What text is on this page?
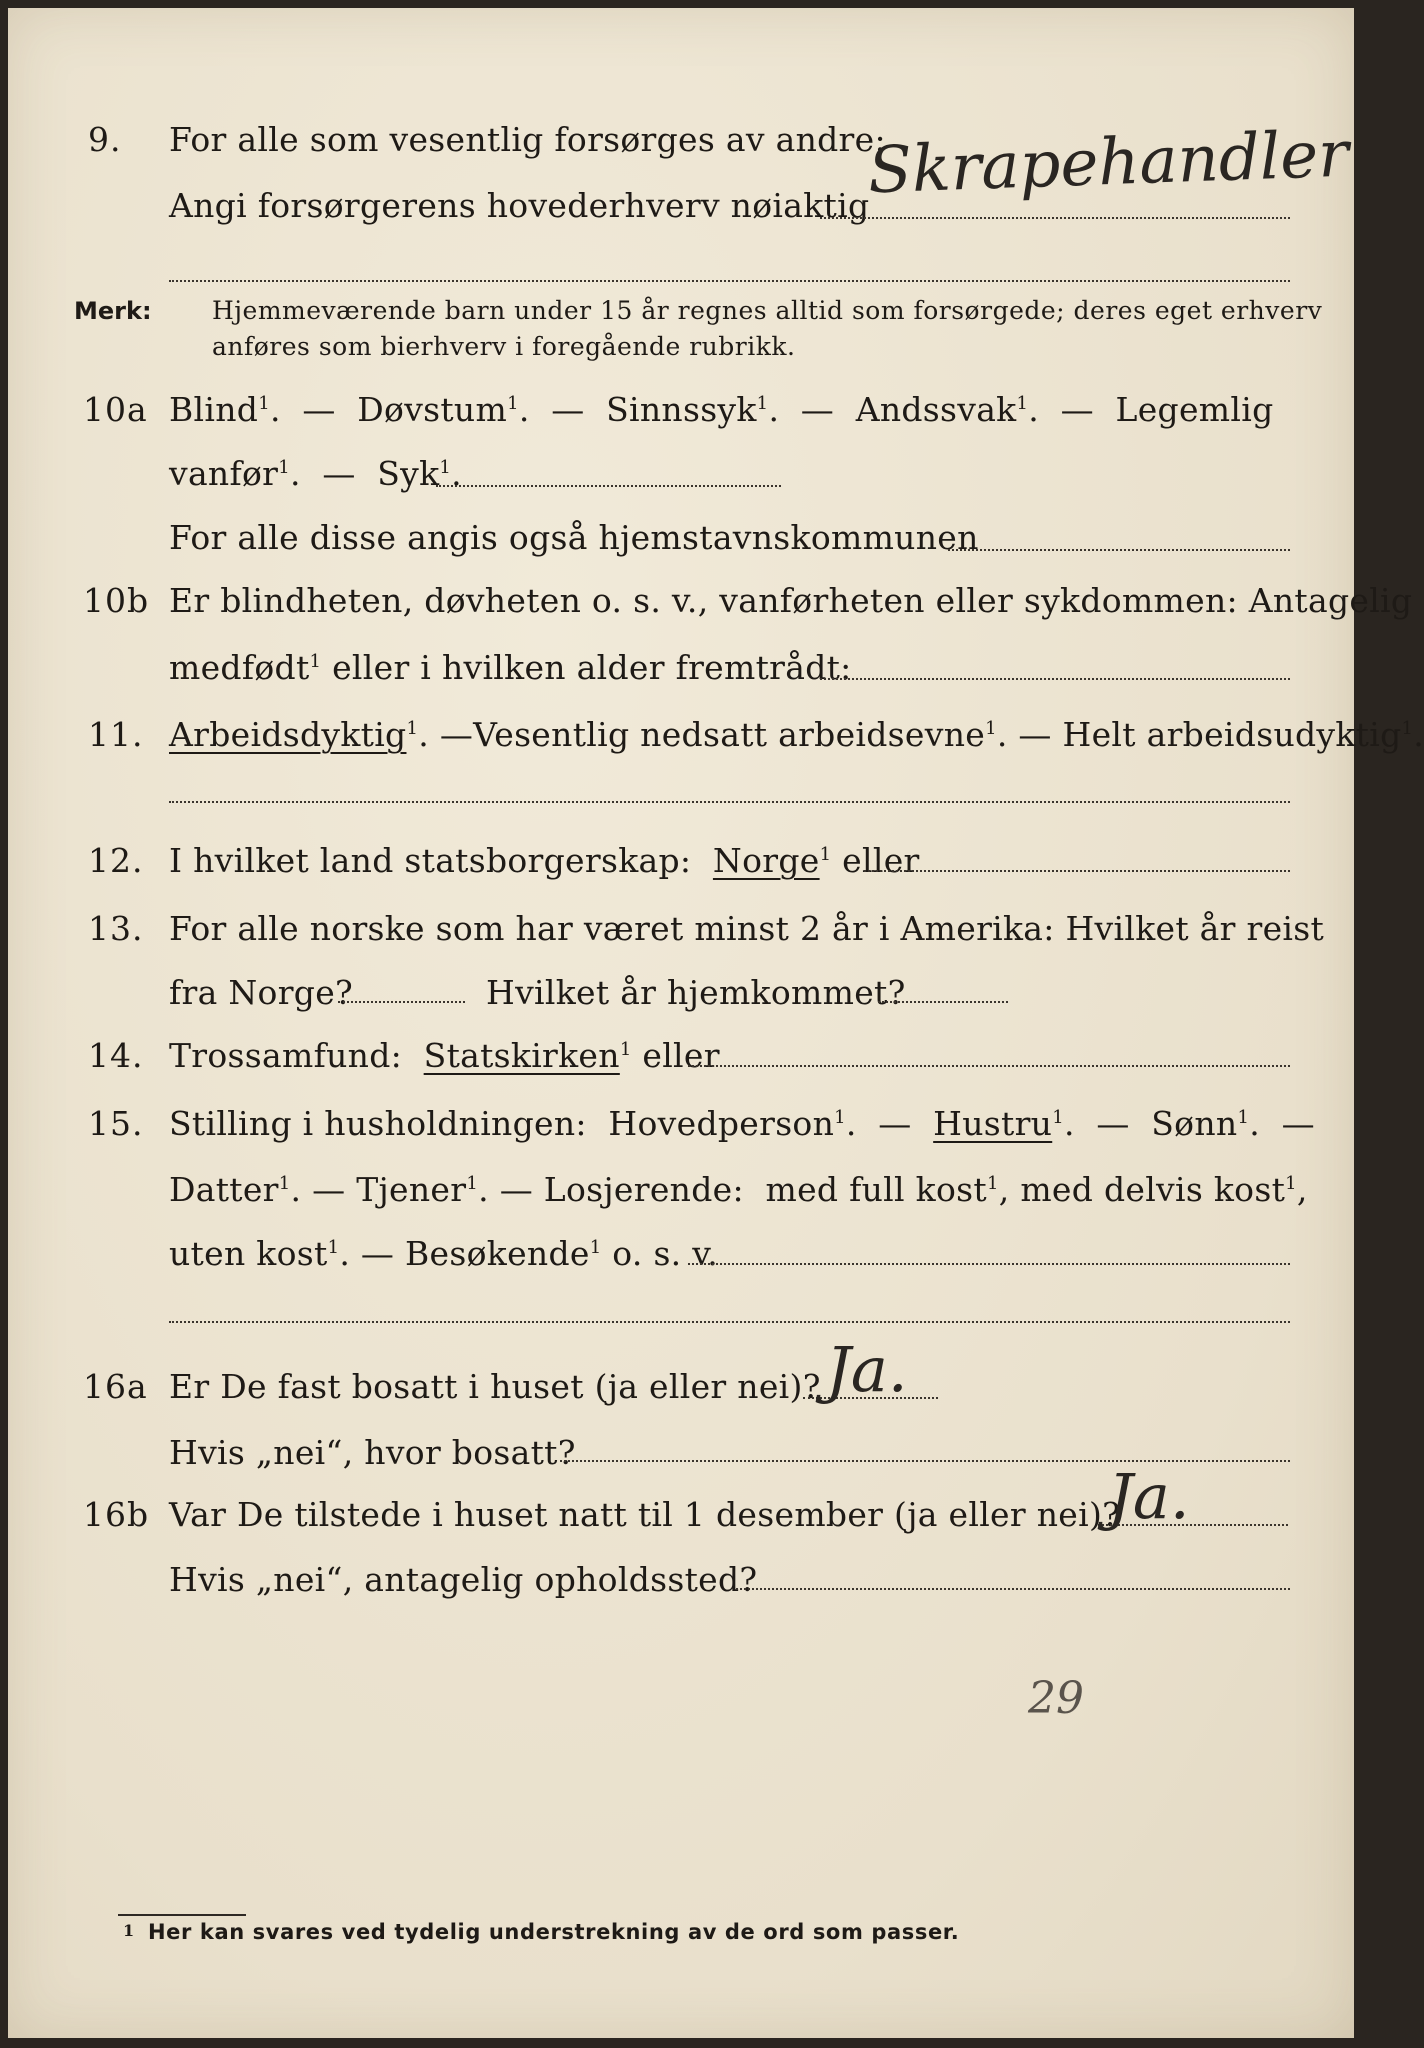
9. For alle som vesentlig forsørges av andre:
Angi forsørgerens hovederhverv nøiaktig
Skrapehandler
Merk: Hjemmeværende barn under 15 år regnes alltid som forsørgede; deres eget erhverv
anføres som bierhverv i foregående rubrikk.
10a Blind$^1$.  —  Døvstum$^1$.  —  Sinnssyk$^1$.  —  Andssvak$^1$.  —  Legemlig
vanfør$^1$.  —  Syk$^1$.
For alle disse angis også hjemstavnskommunen
10b Er blindheten, døvheten o. s. v., vanførheten eller sykdommen: Antagelig
medfødt$^1$ eller i hvilken alder fremtrådt:
11. Arbeidsdyktig$^1$. —Vesentlig nedsatt arbeidsevne$^1$. — Helt arbeidsudyktig$^1$.
12. I hvilket land statsborgerskap: Norge$^1$ eller
13. For alle norske som har været minst 2 år i Amerika: Hvilket år reist
fra Norge?	Hvilket år hjemkommet?
14. Trossamfund: Statskirken$^1$ eller
15. Stilling i husholdningen: Hovedperson$^1$.  —  Hustru$^1$.  —  Sønn$^1$.  —
Datter$^1$. — Tjener$^1$. — Losjerende: med full kost$^1$, med delvis kost$^1$,
uten kost$^1$. — Besøkende$^1$ o. s. v.
16a Er De fast bosatt i huset (ja eller nei)? Ja.
Hvis „nei“, hvor bosatt?
16b Var De tilstede i huset natt til 1 desember (ja eller nei)?
Ja.
Hvis „nei“, antagelig opholdssted?
29
1 Her kan svares ved tydelig understrekning av de ord som passer.
